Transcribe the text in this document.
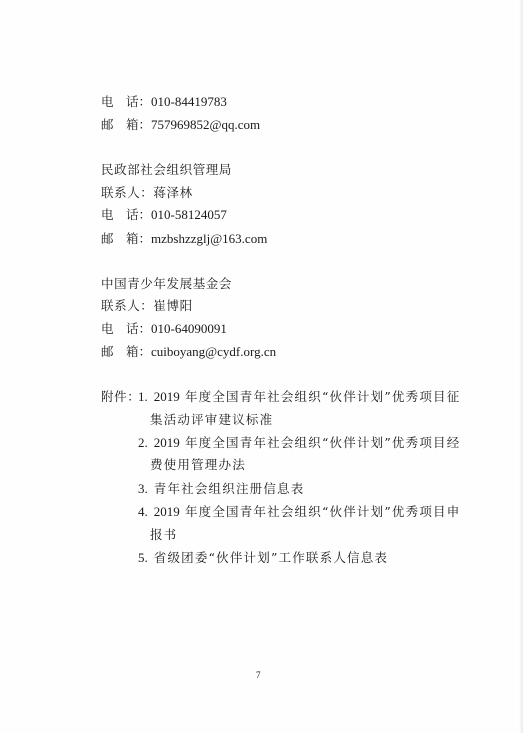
电　话：010-84419783
邮　箱：757969852@qq.com
民政部社会组织管理局
联系人：蒋泽林
电　话：010-58124057
邮　箱：mzbshzzglj@163.com
中国青少年发展基金会
联系人：崔博阳
电　话：010-64090091
邮　箱：cuiboyang@cydf.org.cn
附件：
1. 2019 年度全国青年社会组织“伙伴计划”优秀项目征
集活动评审建议标准
2. 2019 年度全国青年社会组织“伙伴计划”优秀项目经
费使用管理办法
3. 青年社会组织注册信息表
4. 2019 年度全国青年社会组织“伙伴计划”优秀项目申
报书
5. 省级团委“伙伴计划”工作联系人信息表
7
